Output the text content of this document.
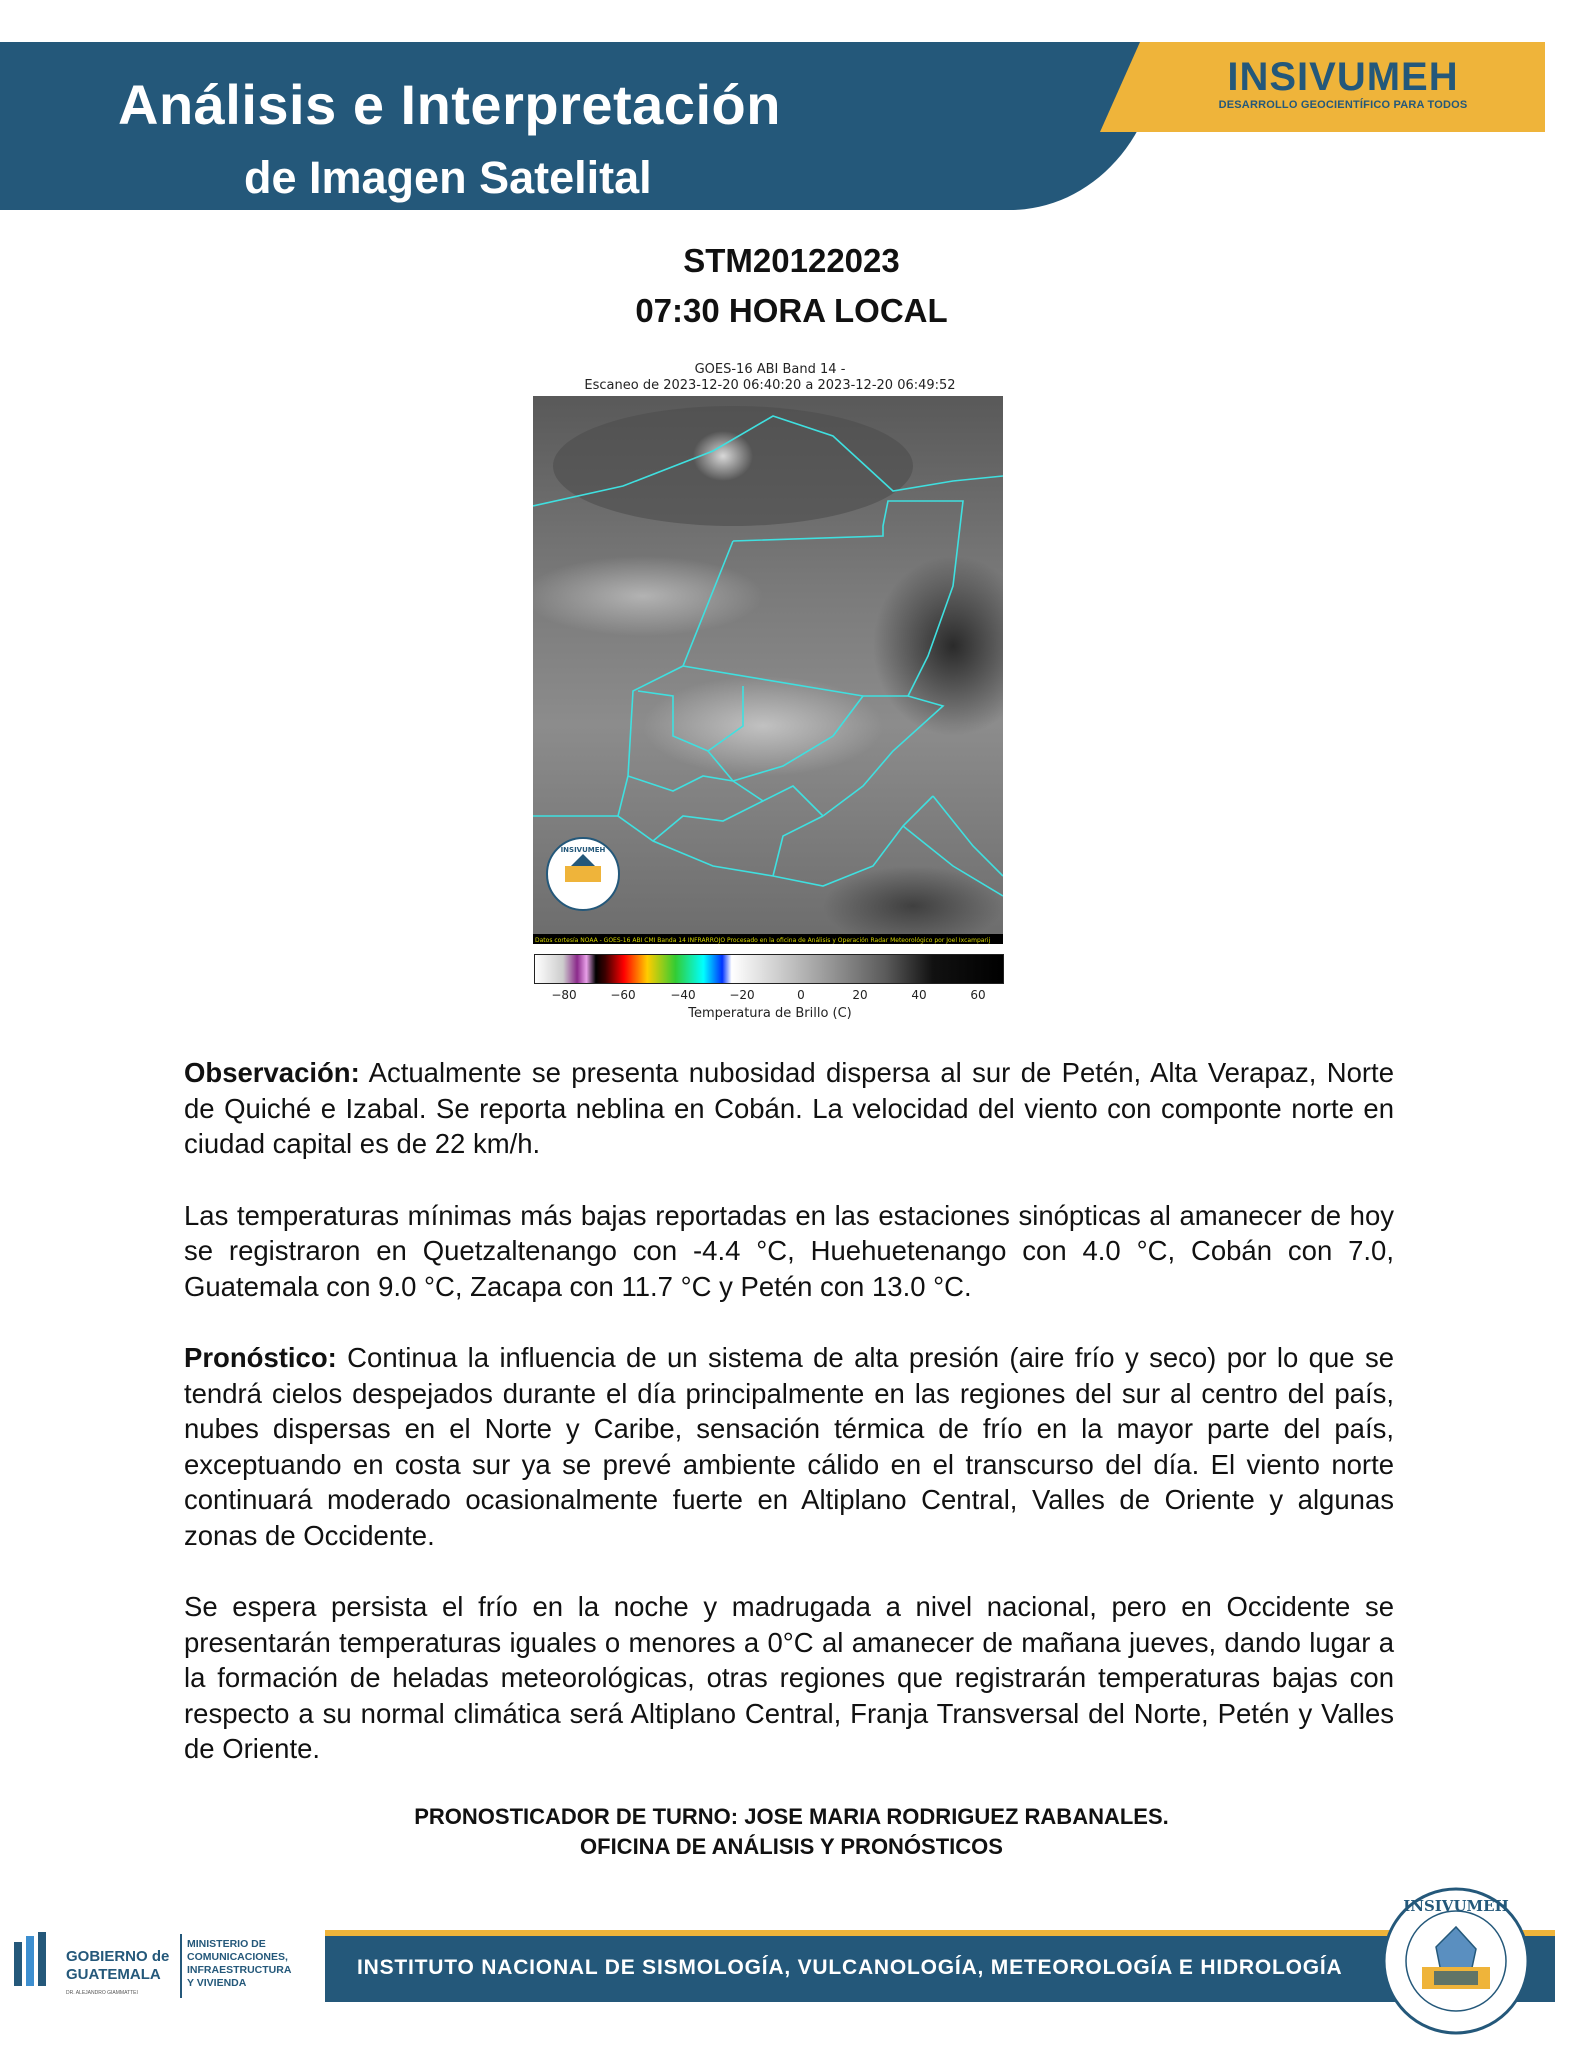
Análisis e Interpretación
de Imagen Satelital
INSIVUMEH
DESARROLLO GEOCIENTÍFICO PARA TODOS
STM20122023
07:30 HORA LOCAL
GOES-16 ABI Band 14 -
Escaneo de 2023-12-20 06:40:20 a 2023-12-20 06:49:52
INSIVUMEH
Datos cortesía NOAA - GOES-16 ABI CMI Banda 14 INFRARROJO Procesado en la oficina de Análisis y Operación Radar Meteorológico por Joel Ixcamparij
−80	−60	−40	−20	0	20	40	60
Temperatura de Brillo (C)

Observación: Actualmente se presenta nubosidad dispersa al sur de Petén, Alta Verapaz, Norte de Quiché e Izabal. Se reporta neblina en Cobán. La velocidad del viento con componte norte en ciudad capital es de 22 km/h.

Las temperaturas mínimas más bajas reportadas en las estaciones sinópticas al amanecer de hoy se registraron en Quetzaltenango con -4.4 °C, Huehuetenango con 4.0 °C, Cobán con 7.0, Guatemala con 9.0 °C, Zacapa con 11.7 °C y Petén con 13.0 °C.

Pronóstico: Continua la influencia de un sistema de alta presión (aire frío y seco) por lo que se tendrá cielos despejados durante el día principalmente en las regiones del sur al centro del país, nubes dispersas en el Norte y Caribe, sensación térmica de frío en la mayor parte del país, exceptuando en costa sur ya se prevé ambiente cálido en el transcurso del día. El viento norte continuará moderado ocasionalmente fuerte en Altiplano Central, Valles de Oriente y algunas zonas de Occidente.

Se espera persista el frío en la noche y madrugada a nivel nacional, pero en Occidente se presentarán temperaturas iguales o menores a 0°C al amanecer de mañana jueves, dando lugar a la formación de heladas meteorológicas, otras regiones que registrarán temperaturas bajas con respecto a su normal climática será Altiplano Central, Franja Transversal del Norte, Petén y Valles de Oriente.

PRONOSTICADOR DE TURNO: JOSE MARIA RODRIGUEZ RABANALES.
OFICINA DE ANÁLISIS Y PRONÓSTICOS
GOBIERNO de
GUATEMALA
DR. ALEJANDRO GIAMMATTEI
MINISTERIO DE
COMUNICACIONES,
INFRAESTRUCTURA
Y VIVIENDA
INSTITUTO NACIONAL DE SISMOLOGÍA, VULCANOLOGÍA, METEOROLOGÍA E HIDROLOGÍA
INSIVUMEH
